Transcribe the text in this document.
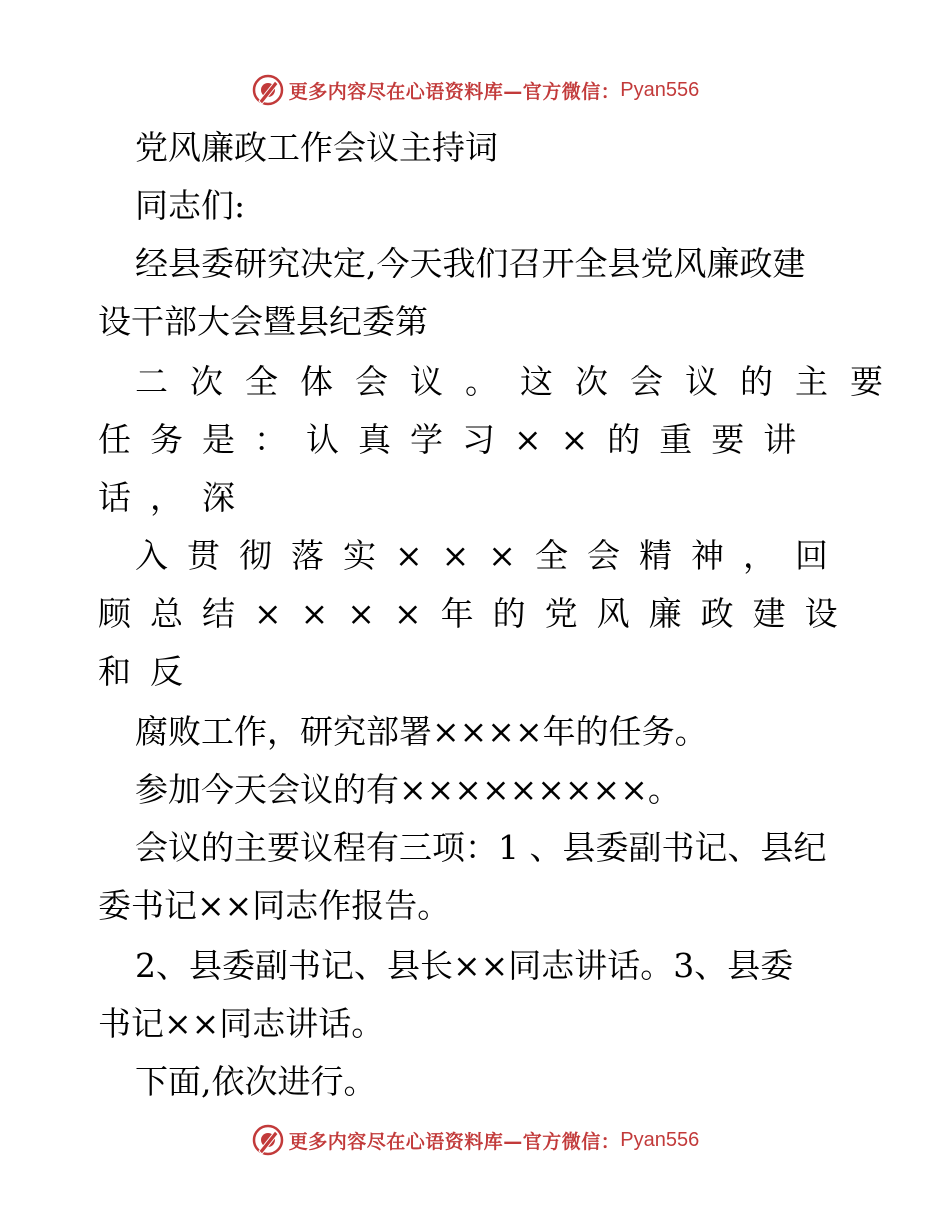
更多内容尽在心语资料库—官方微信： Pyan556
党风廉政工作会议主持词
同志们:
经县委研究决定,今天我们召开全县党风廉政建
设干部大会暨县纪委第
二次全体会议。这次会议的主要
任务是：认真学习××的重要讲
话，深
入贯彻落实×××全会精神，回
顾总结××××年的党风廉政建设
和反
腐败工作，研究部署××××年的任务。
参加今天会议的有×××××××××。
会议的主要议程有三项：1 、县委副书记、县纪
委书记××同志作报告。
2、县委副书记、县长××同志讲话。3、县委
书记××同志讲话。
下面,依次进行。
更多内容尽在心语资料库—官方微信： Pyan556
